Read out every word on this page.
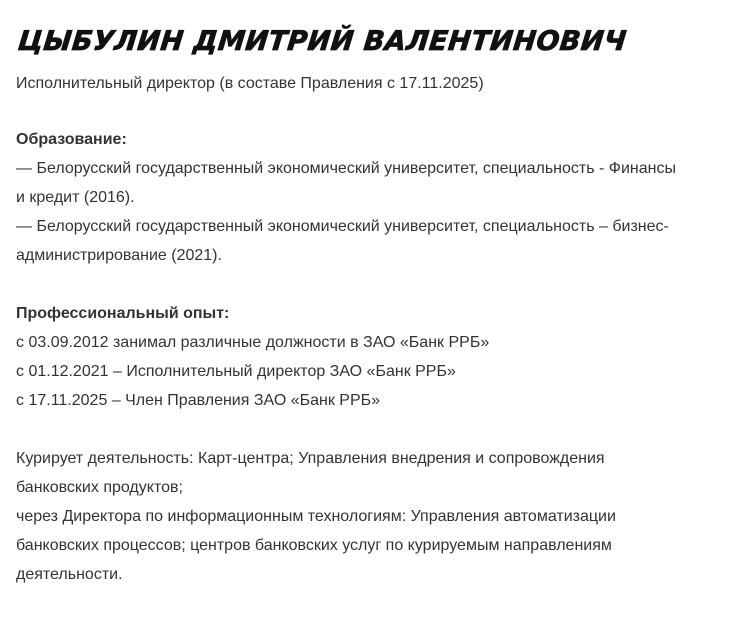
ЦЫБУЛИН ДМИТРИЙ ВАЛЕНТИНОВИЧ
Исполнительный директор (в составе Правления с 17.11.2025)
Образование:
— Белорусский государственный экономический университет, специальность - Финансы
и кредит (2016).
— Белорусский государственный экономический университет, специальность – бизнес-
администрирование (2021).
Профессиональный опыт:
с 03.09.2012 занимал различные должности в ЗАО «Банк РРБ»
с 01.12.2021 – Исполнительный директор ЗАО «Банк РРБ»
с 17.11.2025 – Член Правления ЗАО «Банк РРБ»
Курирует деятельность: Карт-центра; Управления внедрения и сопровождения
банковских продуктов;
через Директора по информационным технологиям: Управления автоматизации
банковских процессов; центров банковских услуг по курируемым направлениям
деятельности.
